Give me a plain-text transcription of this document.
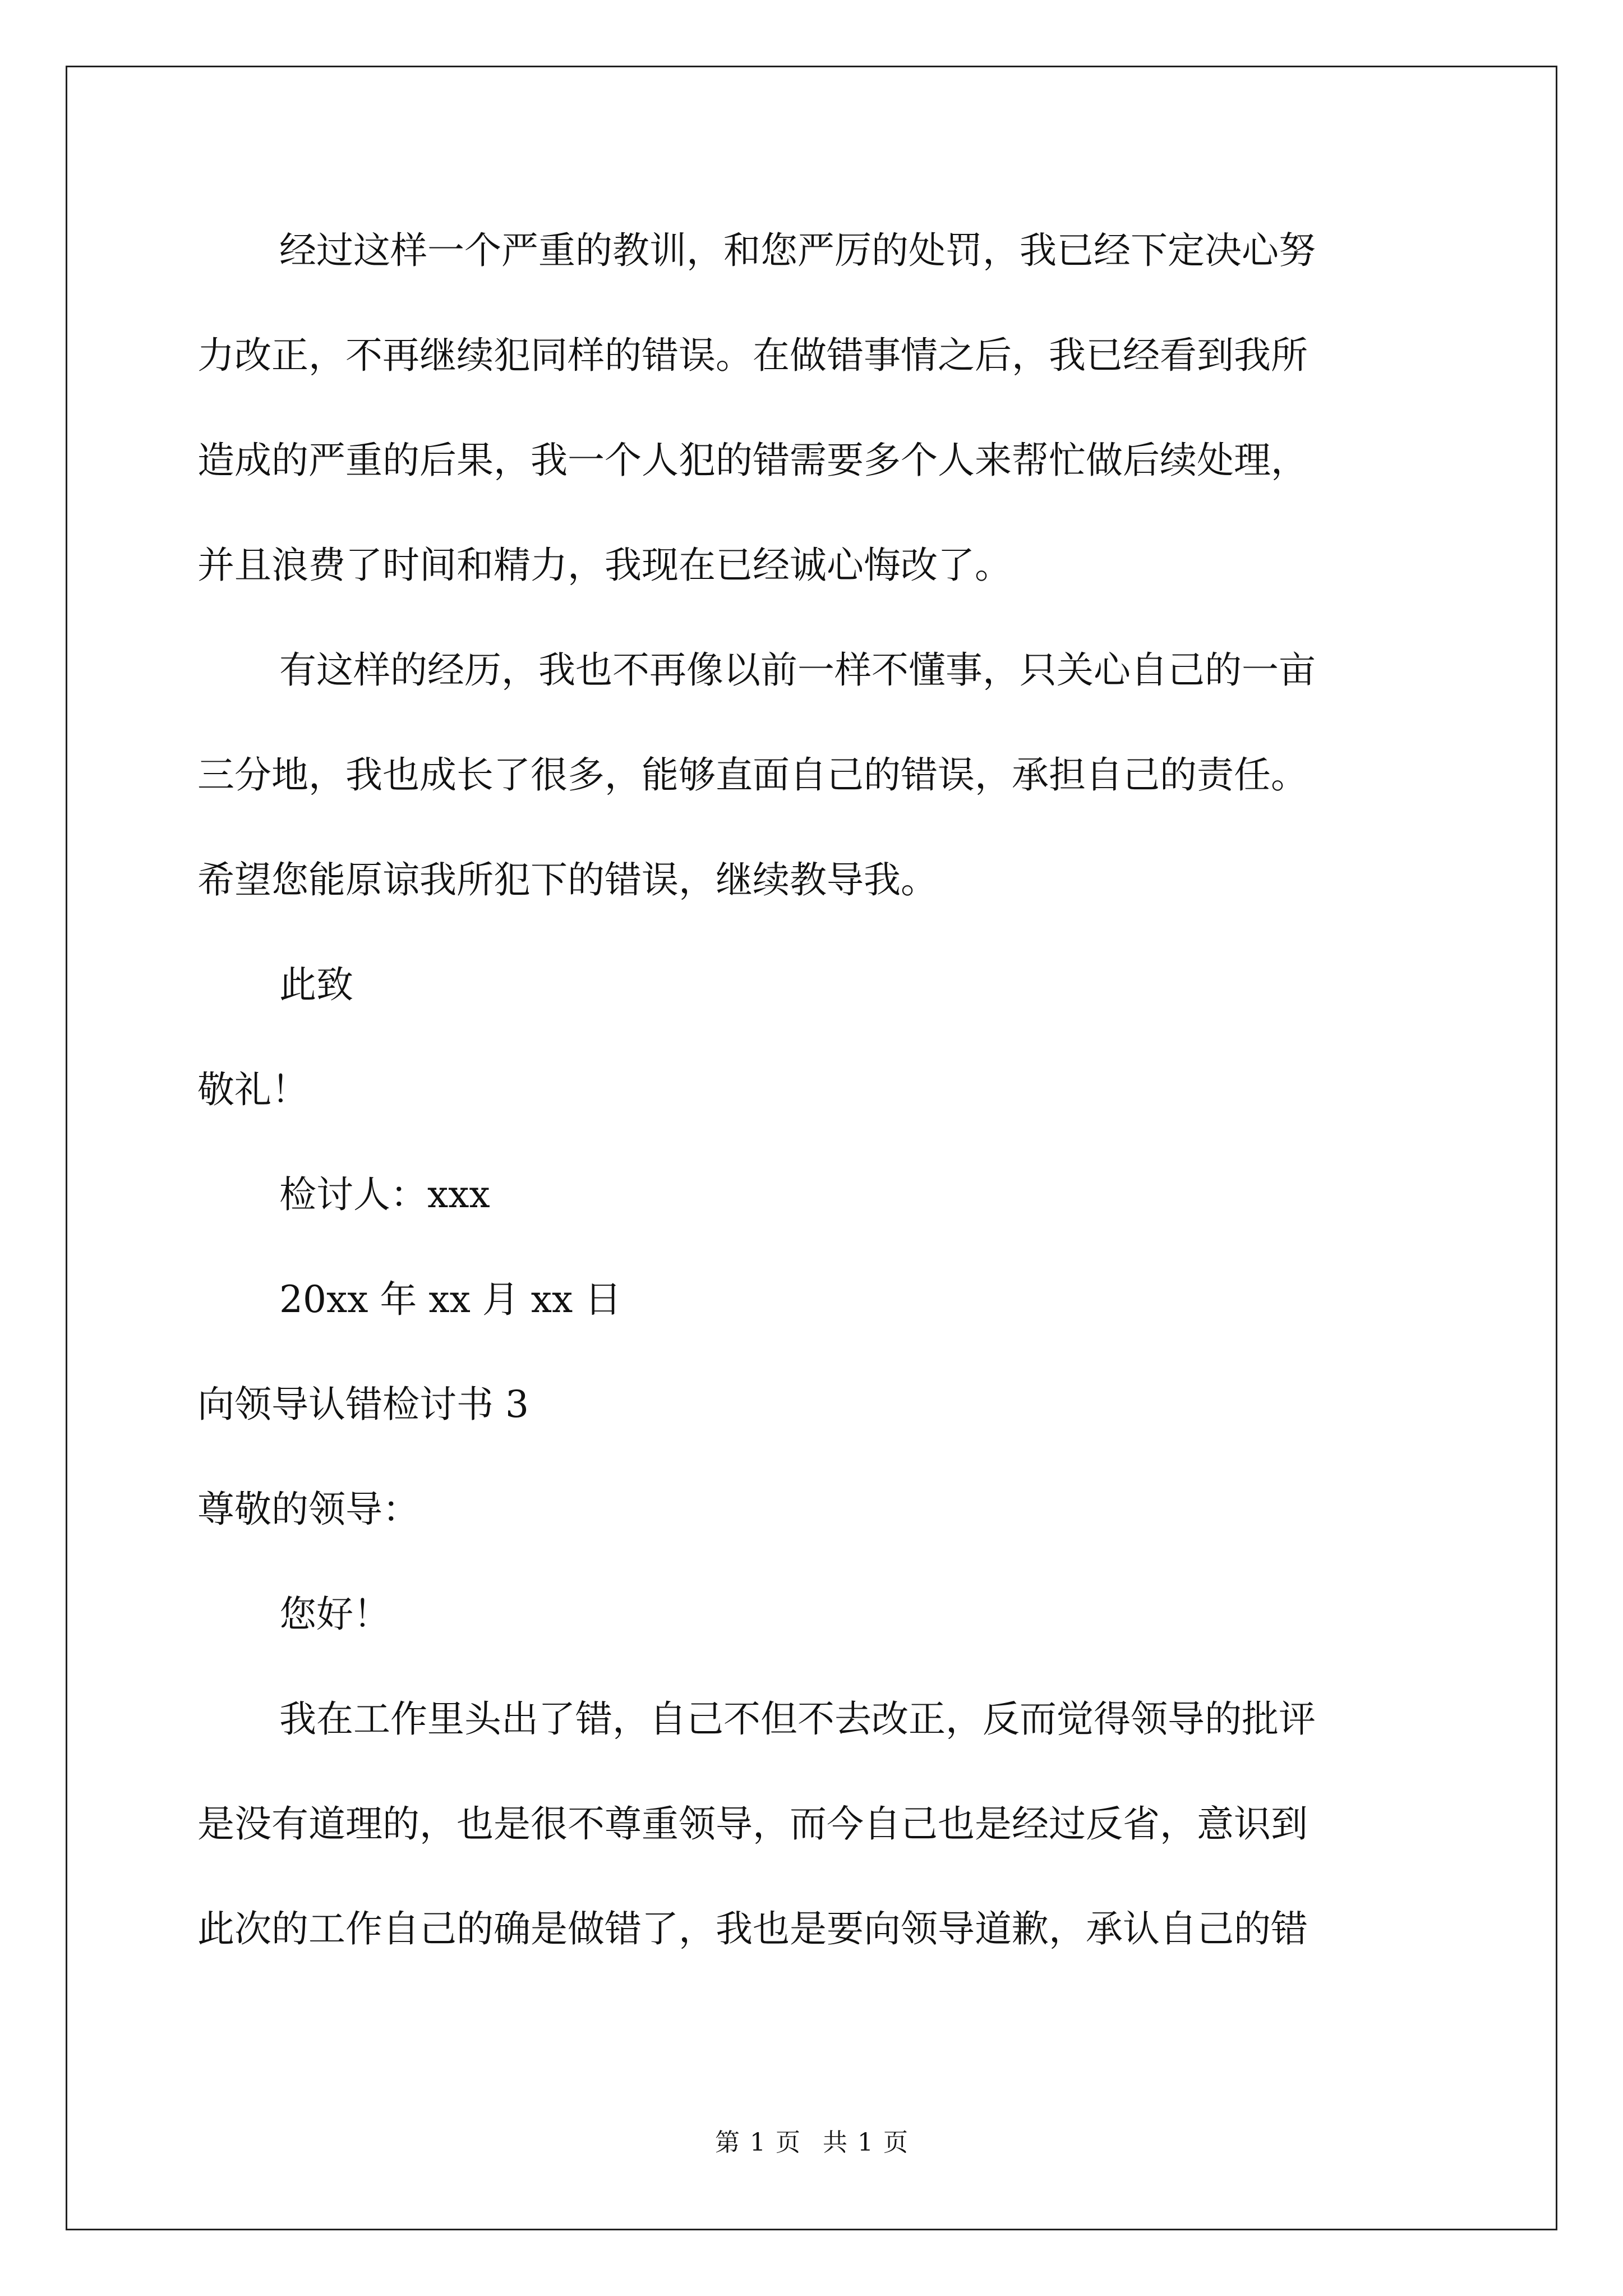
经过这样一个严重的教训，和您严厉的处罚，我已经下定决心努
力改正，不再继续犯同样的错误。在做错事情之后，我已经看到我所
造成的严重的后果，我一个人犯的错需要多个人来帮忙做后续处理，
并且浪费了时间和精力，我现在已经诚心悔改了。
有这样的经历，我也不再像以前一样不懂事，只关心自己的一亩
三分地，我也成长了很多，能够直面自己的错误，承担自己的责任。
希望您能原谅我所犯下的错误，继续教导我。
此致
敬礼！
检讨人：xxx
20xx 年 xx 月 xx 日
向领导认错检讨书 3
尊敬的领导：
您好！
我在工作里头出了错，自己不但不去改正，反而觉得领导的批评
是没有道理的，也是很不尊重领导，而今自己也是经过反省，意识到
此次的工作自己的确是做错了，我也是要向领导道歉，承认自己的错
第 1 页 共 1 页
